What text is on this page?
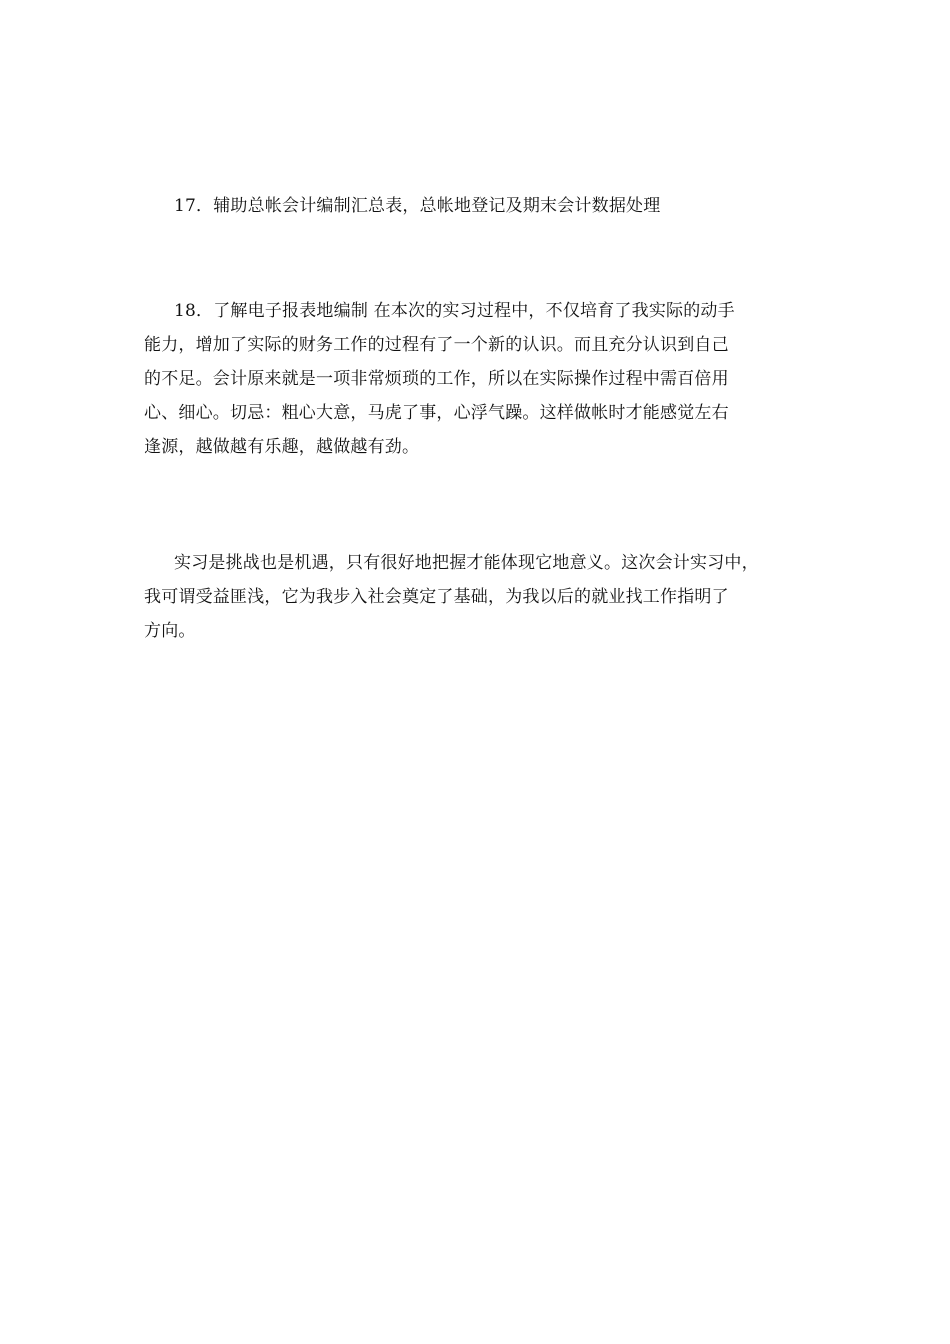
17．辅助总帐会计编制汇总表，总帐地登记及期末会计数据处理

18．了解电子报表地编制 在本次的实习过程中，不仅培育了我实际的动手
能力，增加了实际的财务工作的过程有了一个新的认识。而且充分认识到自己
的不足。会计原来就是一项非常烦琐的工作，所以在实际操作过程中需百倍用
心、细心。切忌：粗心大意，马虎了事，心浮气躁。这样做帐时才能感觉左右
逢源，越做越有乐趣，越做越有劲。

实习是挑战也是机遇，只有很好地把握才能体现它地意义。这次会计实习中，
我可谓受益匪浅，它为我步入社会奠定了基础，为我以后的就业找工作指明了
方向。
